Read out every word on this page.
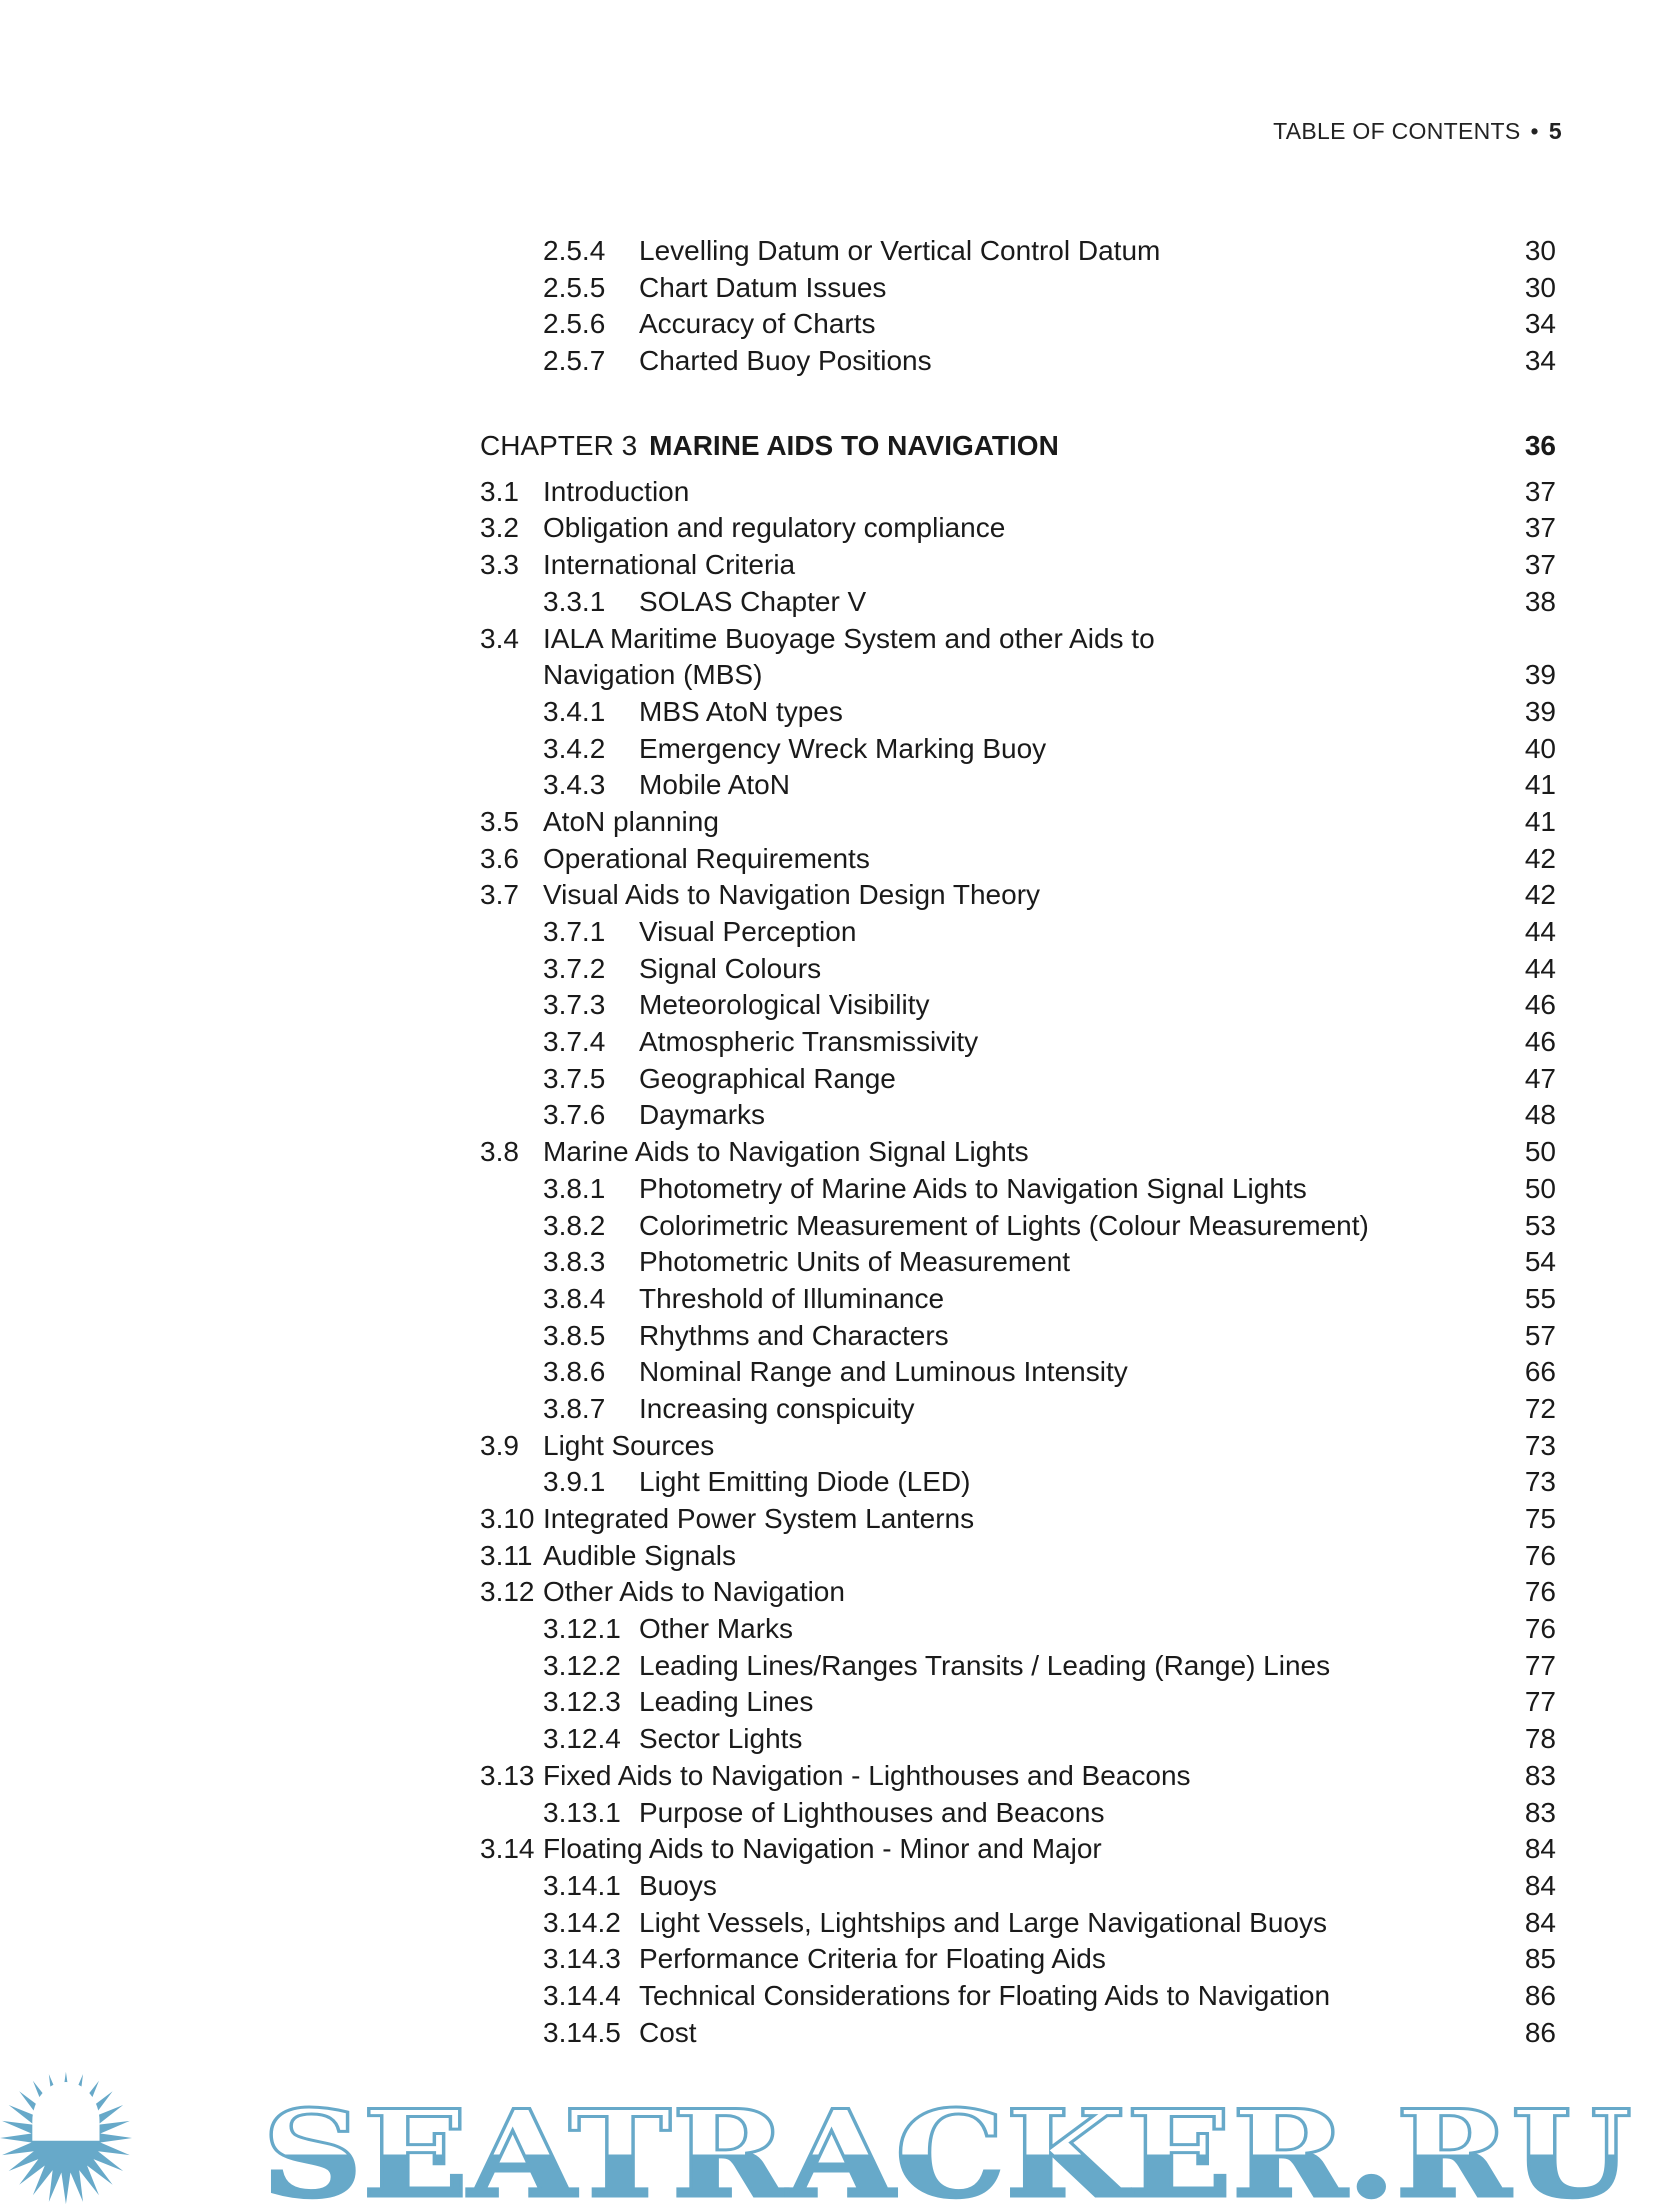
TABLE OF CONTENTS • 5
2.5.4 Levelling Datum or Vertical Control Datum	30
2.5.5 Chart Datum Issues	30
2.5.6 Accuracy of Charts	34
2.5.7 Charted Buoy Positions	34
CHAPTER 3 MARINE AIDS TO NAVIGATION	36
3.1 Introduction	37
3.2 Obligation and regulatory compliance	37
3.3 International Criteria	37
3.3.1 SOLAS Chapter V	38
3.4 IALA Maritime Buoyage System and other Aids to
Navigation (MBS)	39
3.4.1 MBS AtoN types	39
3.4.2 Emergency Wreck Marking Buoy	40
3.4.3 Mobile AtoN	41
3.5 AtoN planning	41
3.6 Operational Requirements	42
3.7 Visual Aids to Navigation Design Theory	42
3.7.1 Visual Perception	44
3.7.2 Signal Colours	44
3.7.3 Meteorological Visibility	46
3.7.4 Atmospheric Transmissivity	46
3.7.5 Geographical Range	47
3.7.6 Daymarks	48
3.8 Marine Aids to Navigation Signal Lights	50
3.8.1 Photometry of Marine Aids to Navigation Signal Lights	50
3.8.2 Colorimetric Measurement of Lights (Colour Measurement)	53
3.8.3 Photometric Units of Measurement	54
3.8.4 Threshold of Illuminance	55
3.8.5 Rhythms and Characters	57
3.8.6 Nominal Range and Luminous Intensity	66
3.8.7 Increasing conspicuity	72
3.9 Light Sources	73
3.9.1 Light Emitting Diode (LED)	73
3.10 Integrated Power System Lanterns	75
3.11 Audible Signals	76
3.12 Other Aids to Navigation	76
3.12.1 Other Marks	76
3.12.2 Leading Lines/Ranges Transits / Leading (Range) Lines	77
3.12.3 Leading Lines	77
3.12.4 Sector Lights	78
3.13 Fixed Aids to Navigation - Lighthouses and Beacons	83
3.13.1 Purpose of Lighthouses and Beacons	83
3.14 Floating Aids to Navigation - Minor and Major	84
3.14.1 Buoys	84
3.14.2 Light Vessels, Lightships and Large Navigational Buoys	84
3.14.3 Performance Criteria for Floating Aids	85
3.14.4 Technical Considerations for Floating Aids to Navigation	86
3.14.5 Cost	86
SEATRACKER.RU
